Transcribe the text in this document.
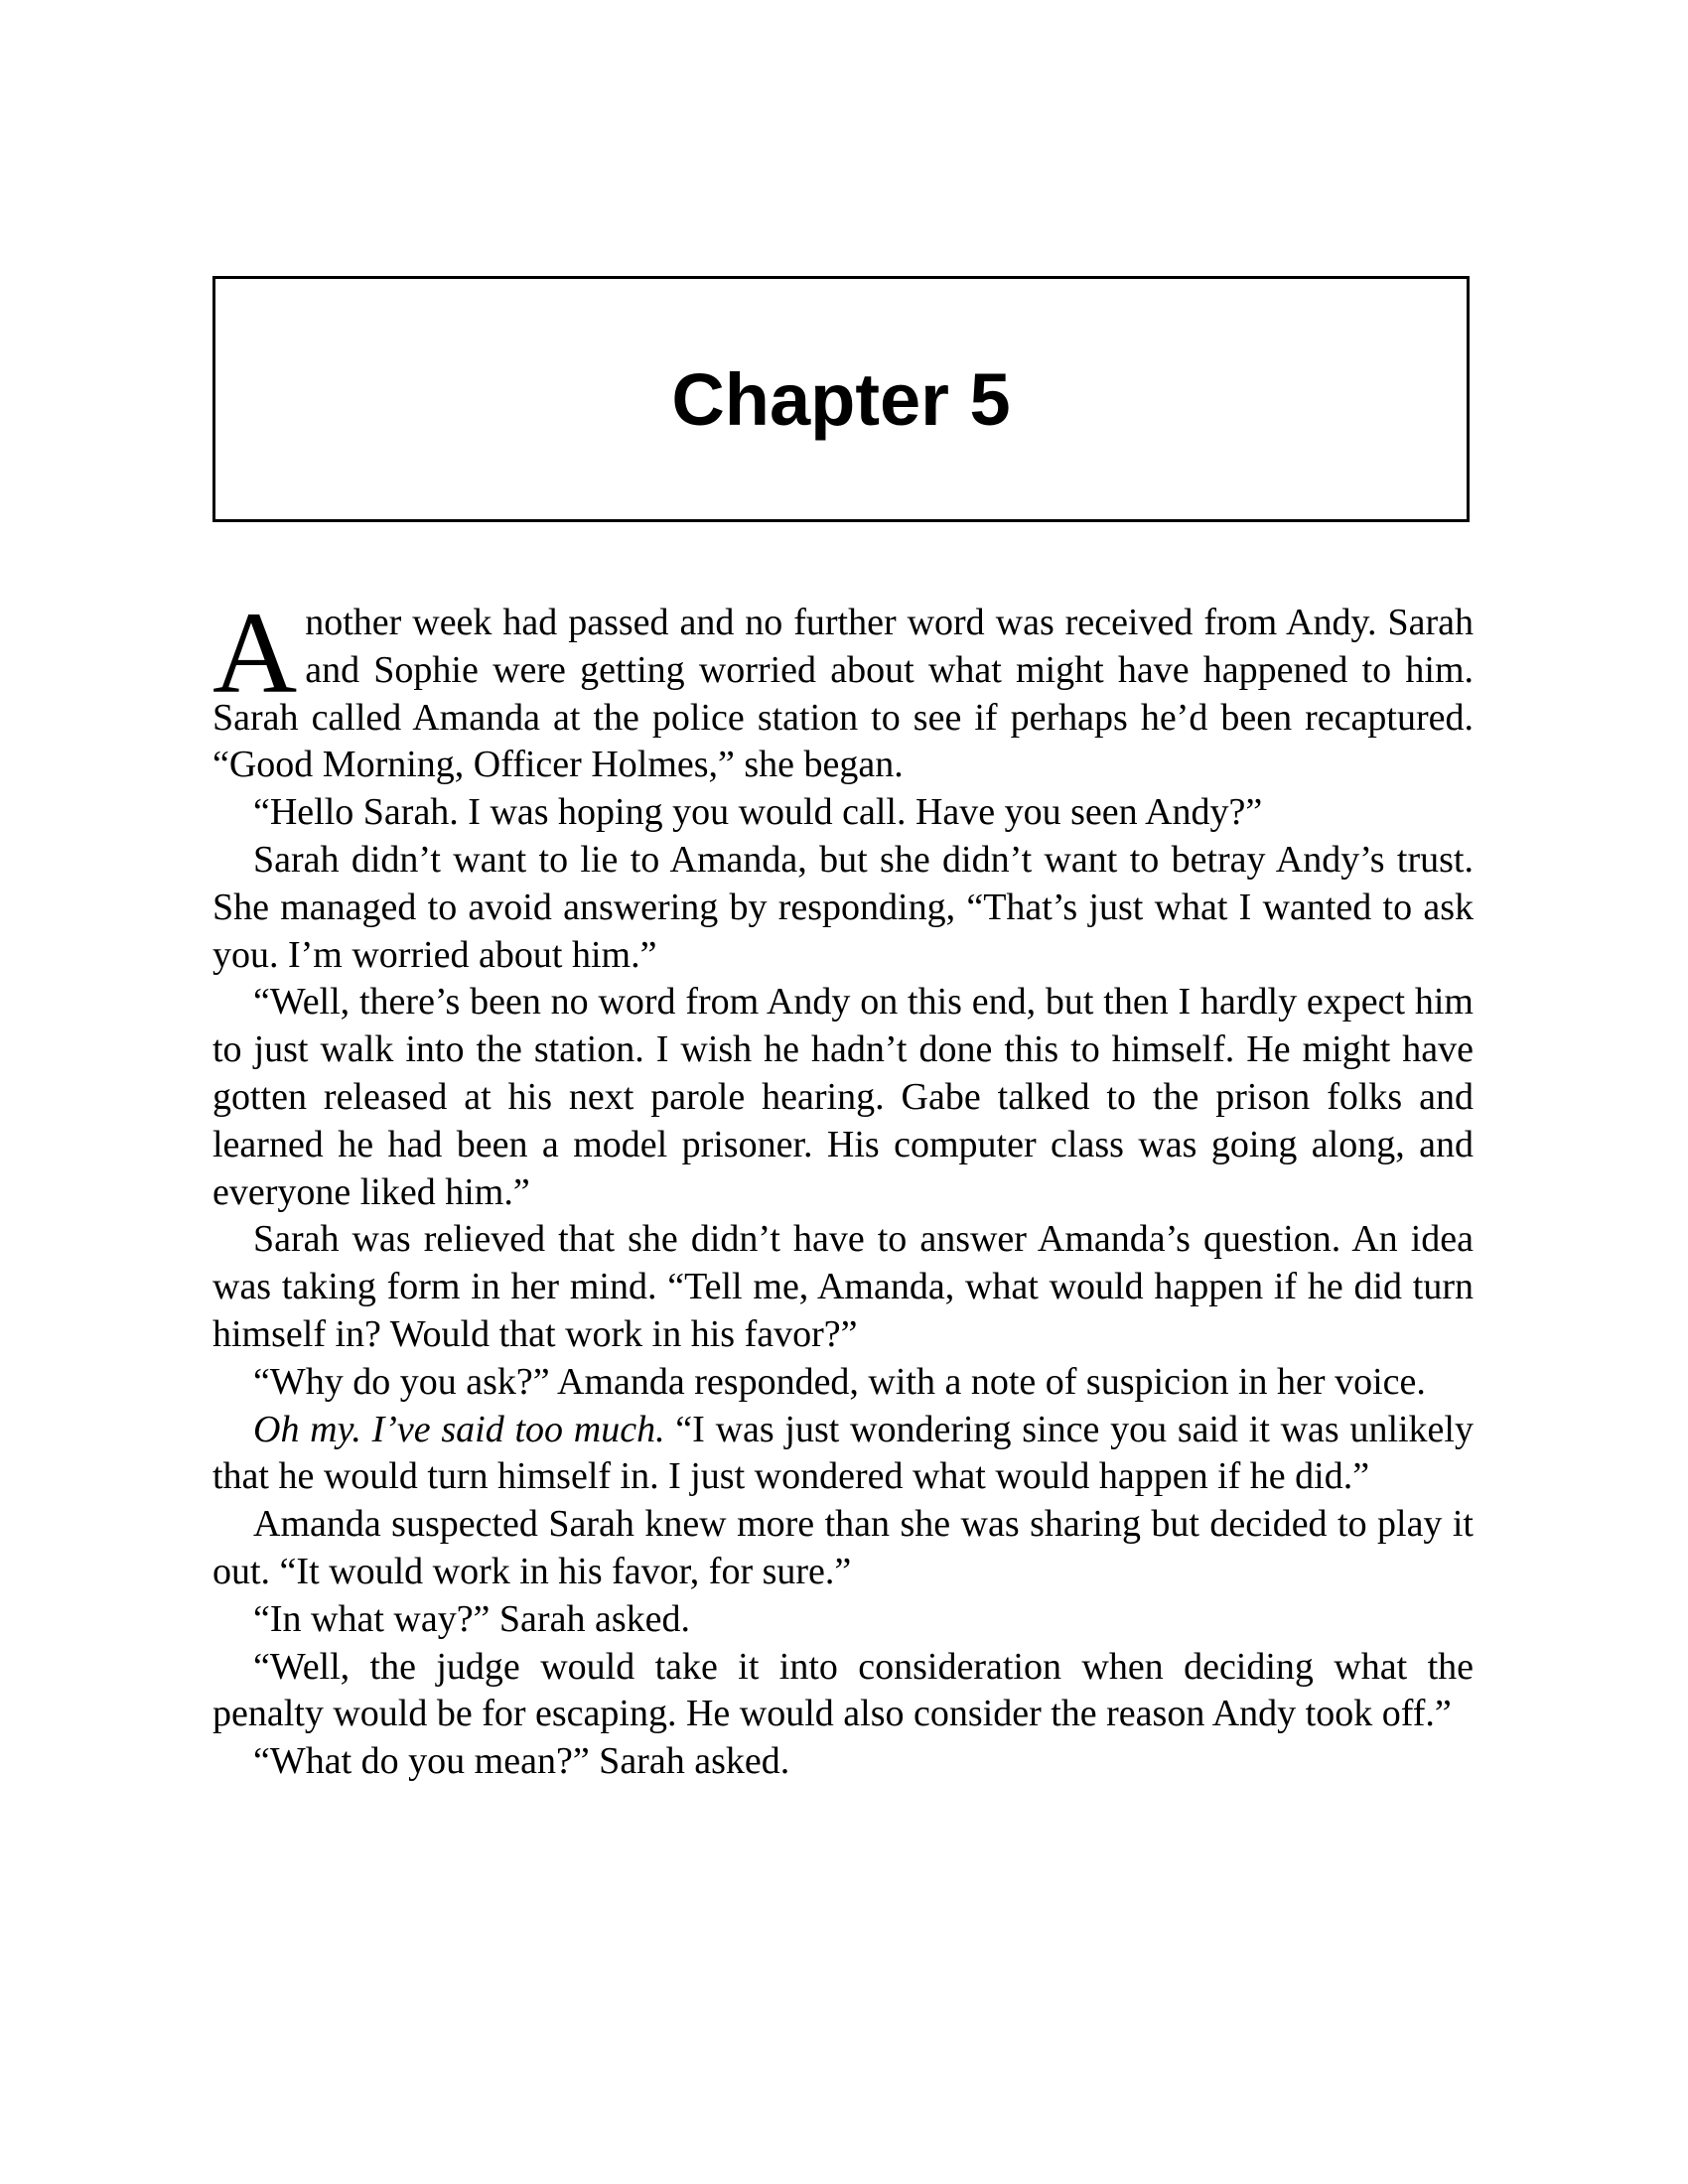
Chapter 5

Another week had passed and no further word was received from Andy. Sarah and Sophie were getting worried about what might have happened to him. Sarah called Amanda at the police station to see if perhaps he’d been recaptured. “Good Morning, Officer Holmes,” she began.

“Hello Sarah. I was hoping you would call. Have you seen Andy?”

Sarah didn’t want to lie to Amanda, but she didn’t want to betray Andy’s trust. She managed to avoid answering by responding, “That’s just what I wanted to ask you. I’m worried about him.”

“Well, there’s been no word from Andy on this end, but then I hardly expect him to just walk into the station. I wish he hadn’t done this to himself. He might have gotten released at his next parole hearing. Gabe talked to the prison folks and learned he had been a model prisoner. His computer class was going along, and everyone liked him.”

Sarah was relieved that she didn’t have to answer Amanda’s question. An idea was taking form in her mind. “Tell me, Amanda, what would happen if he did turn himself in? Would that work in his favor?”

“Why do you ask?” Amanda responded, with a note of suspicion in her voice.

Oh my. I’ve said too much. “I was just wondering since you said it was unlikely that he would turn himself in. I just wondered what would happen if he did.”

Amanda suspected Sarah knew more than she was sharing but decided to play it out. “It would work in his favor, for sure.”

“In what way?” Sarah asked.

“Well, the judge would take it into consideration when deciding what the penalty would be for escaping. He would also consider the reason Andy took off.”

“What do you mean?” Sarah asked.
